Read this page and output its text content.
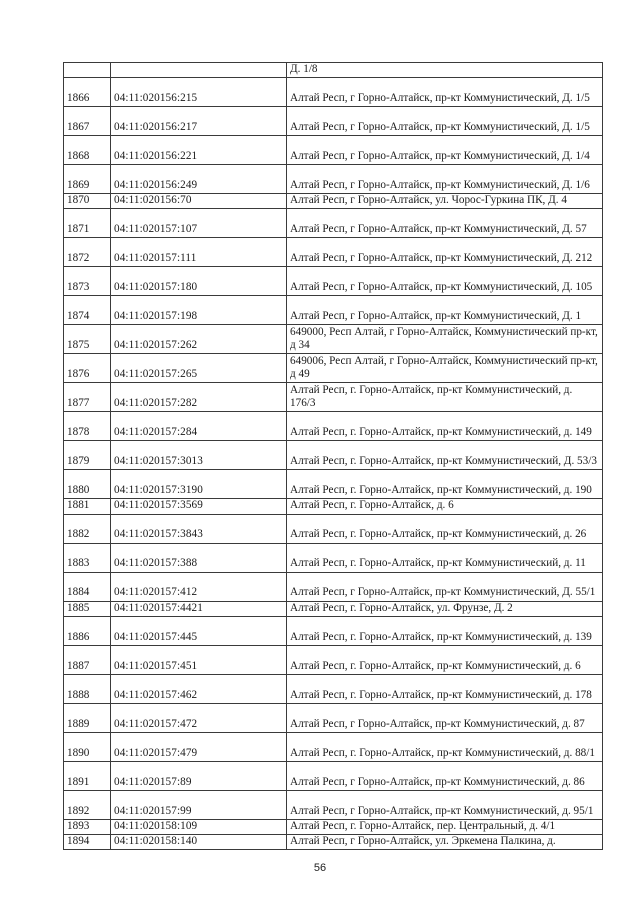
		Д. 1/8
1866	04:11:020156:215	Алтай Респ, г Горно-Алтайск, пр-кт Коммунистический, Д. 1/5
1867	04:11:020156:217	Алтай Респ, г Горно-Алтайск, пр-кт Коммунистический, Д. 1/5
1868	04:11:020156:221	Алтай Респ, г Горно-Алтайск, пр-кт Коммунистический, Д. 1/4
1869	04:11:020156:249	Алтай Респ, г Горно-Алтайск, пр-кт Коммунистический, Д. 1/6
1870	04:11:020156:70	Алтай Респ, г Горно-Алтайск, ул. Чорос-Гуркина ПК, Д. 4
1871	04:11:020157:107	Алтай Респ, г Горно-Алтайск, пр-кт Коммунистический, Д. 57
1872	04:11:020157:111	Алтай Респ, г Горно-Алтайск, пр-кт Коммунистический, Д. 212
1873	04:11:020157:180	Алтай Респ, г Горно-Алтайск, пр-кт Коммунистический, Д. 105
1874	04:11:020157:198	Алтай Респ, г Горно-Алтайск, пр-кт Коммунистический, Д. 1
1875	04:11:020157:262	649000, Респ Алтай, г Горно-Алтайск, Коммунистический пр-кт, д 34
1876	04:11:020157:265	649006, Респ Алтай, г Горно-Алтайск, Коммунистический пр-кт, д 49
1877	04:11:020157:282	Алтай Респ, г. Горно-Алтайск, пр-кт Коммунистический, д. 176/3
1878	04:11:020157:284	Алтай Респ, г. Горно-Алтайск, пр-кт Коммунистический, д. 149
1879	04:11:020157:3013	Алтай Респ, г. Горно-Алтайск, пр-кт Коммунистический, Д. 53/3
1880	04:11:020157:3190	Алтай Респ, г. Горно-Алтайск, пр-кт Коммунистический, д. 190
1881	04:11:020157:3569	Алтай Респ, г. Горно-Алтайск, д. 6
1882	04:11:020157:3843	Алтай Респ, г. Горно-Алтайск, пр-кт Коммунистический, д. 26
1883	04:11:020157:388	Алтай Респ, г. Горно-Алтайск, пр-кт Коммунистический, д. 11
1884	04:11:020157:412	Алтай Респ, г Горно-Алтайск, пр-кт Коммунистический, Д. 55/1
1885	04:11:020157:4421	Алтай Респ, г. Горно-Алтайск, ул. Фрунзе, Д. 2
1886	04:11:020157:445	Алтай Респ, г. Горно-Алтайск, пр-кт Коммунистический, д. 139
1887	04:11:020157:451	Алтай Респ, г. Горно-Алтайск, пр-кт Коммунистический, д. 6
1888	04:11:020157:462	Алтай Респ, г. Горно-Алтайск, пр-кт Коммунистический, д. 178
1889	04:11:020157:472	Алтай Респ, г Горно-Алтайск, пр-кт Коммунистический, д. 87
1890	04:11:020157:479	Алтай Респ, г. Горно-Алтайск, пр-кт Коммунистический, д. 88/1
1891	04:11:020157:89	Алтай Респ, г Горно-Алтайск, пр-кт Коммунистический, д. 86
1892	04:11:020157:99	Алтай Респ, г Горно-Алтайск, пр-кт Коммунистический, д. 95/1
1893	04:11:020158:109	Алтай Респ, г. Горно-Алтайск, пер. Центральный, д. 4/1
1894	04:11:020158:140	Алтай Респ, г Горно-Алтайск, ул. Эркемена Палкина, д.
56
